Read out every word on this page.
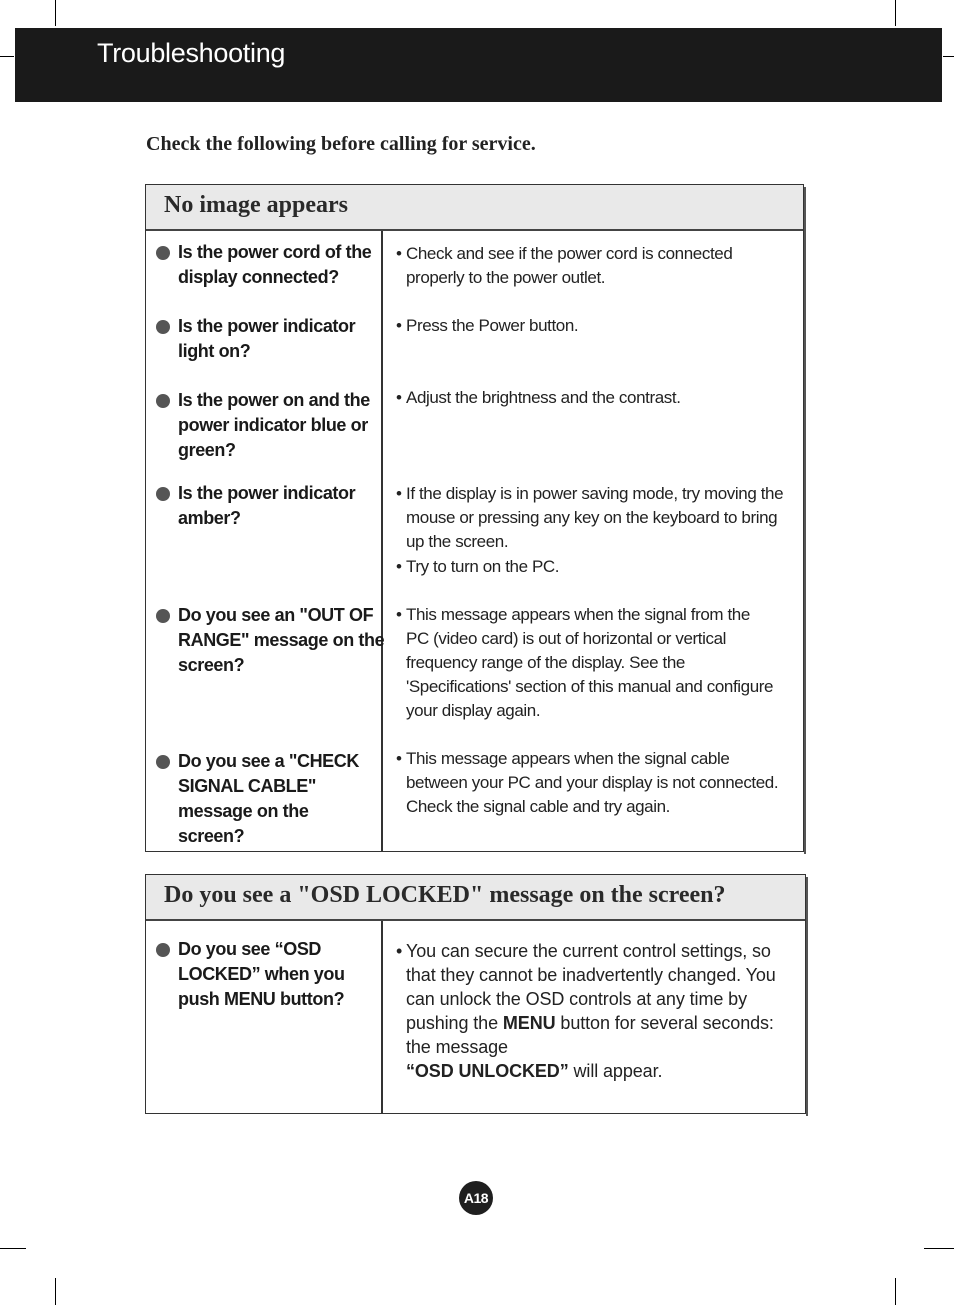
Troubleshooting
Check the following before calling for service.
No image appears
Is the power cord of the display connected?
• Check and see if the power cord is connected properly to the power outlet.
Is the power indicator light on?
• Press the Power button.
Is the power on and the power indicator blue or green?
• Adjust the brightness and the contrast.
Is the power indicator amber?
• If the display is in power saving mode, try moving the mouse or pressing any key on the keyboard to bring up the screen.
• Try to turn on the PC.
Do you see an "OUT OF RANGE" message on the screen?
• This message appears when the signal from the PC (video card) is out of horizontal or vertical frequency range of the display. See the 'Specifications' section of this manual and configure your display again.
Do you see a "CHECK SIGNAL CABLE" message on the screen?
• This message appears when the signal cable between your PC and your display is not connected. Check the signal cable and try again.
Do you see a "OSD LOCKED" message on the screen?
Do you see “OSD LOCKED” when you push MENU button?
• You can secure the current control settings, so that they cannot be inadvertently changed. You can unlock the OSD controls at any time by pushing the MENU button for several seconds: the message
“OSD UNLOCKED” will appear.
A18
